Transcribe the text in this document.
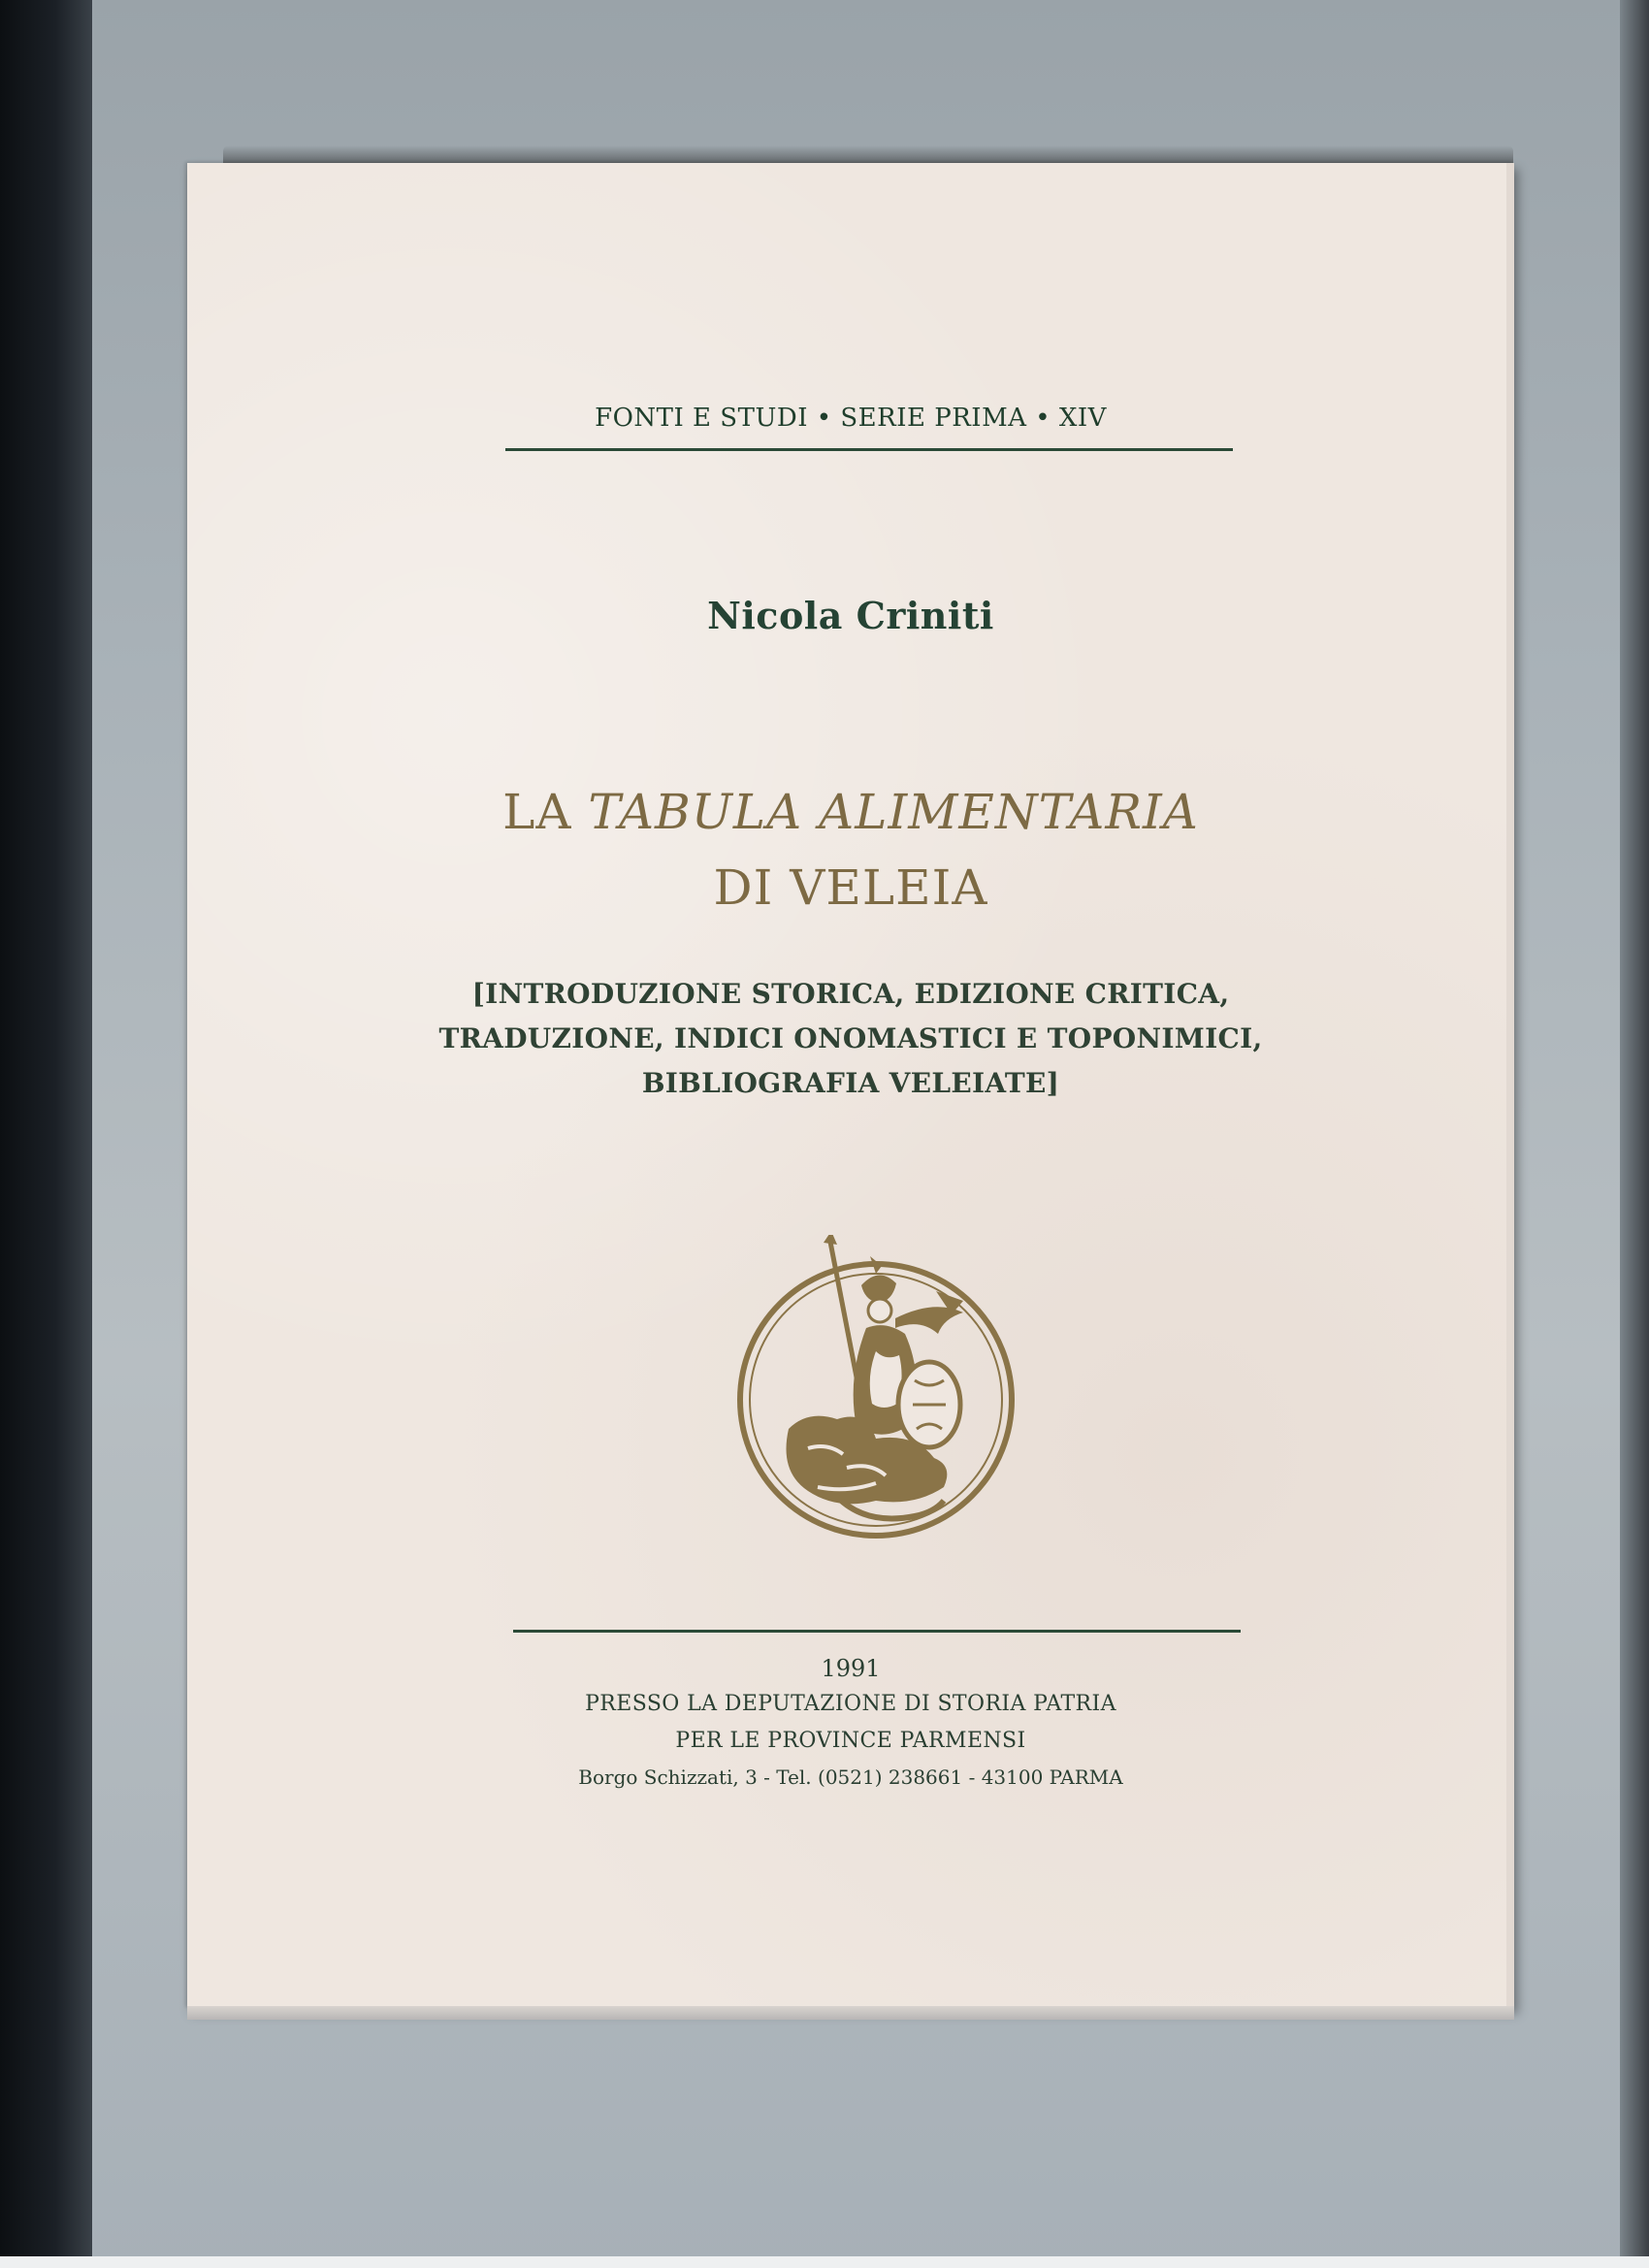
FONTI E STUDI • SERIE PRIMA • XIV

Nicola Criniti

LA TABULA ALIMENTARIA

DI VELEIA

[INTRODUZIONE STORICA, EDIZIONE CRITICA,

TRADUZIONE, INDICI ONOMASTICI E TOPONIMICI,

BIBLIOGRAFIA VELEIATE]

1991

PRESSO LA DEPUTAZIONE DI STORIA PATRIA

PER LE PROVINCE PARMENSI

Borgo Schizzati, 3 - Tel. (0521) 238661 - 43100 PARMA
